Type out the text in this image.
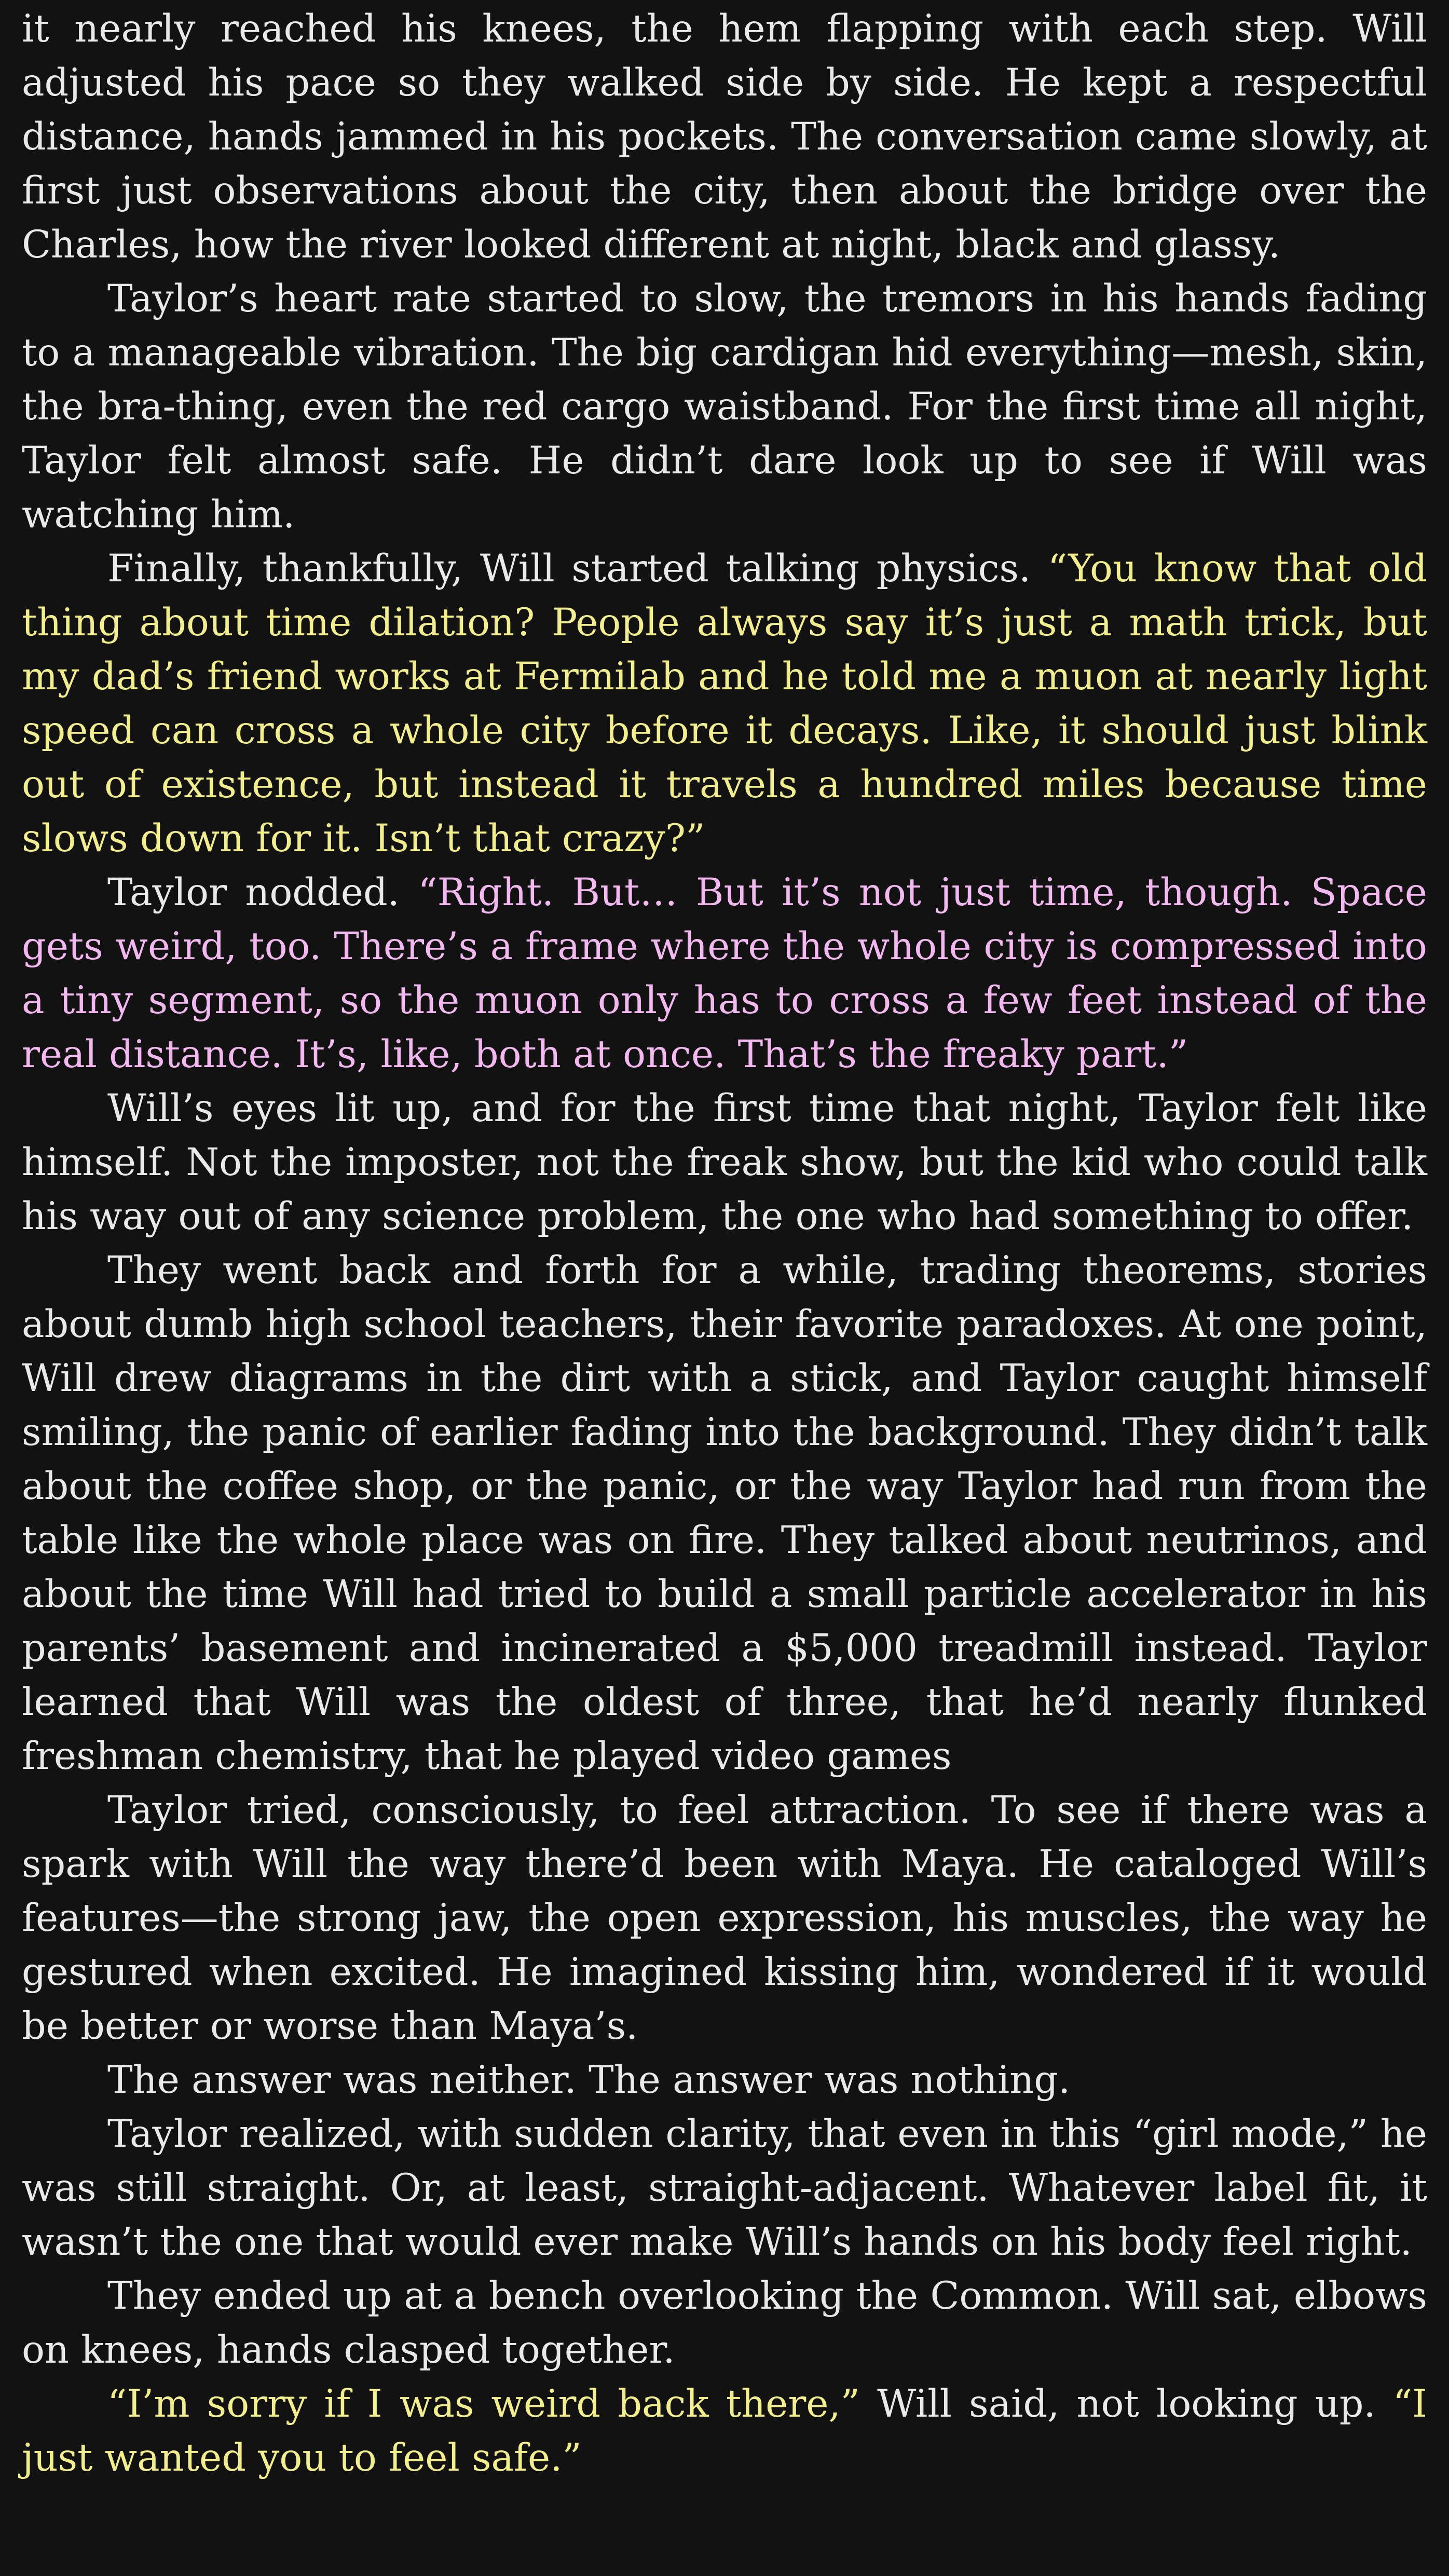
it nearly reached his knees, the hem flapping with each step. Will adjusted his pace so they walked side by side. He kept a respectful distance, hands jammed in his pockets. The conversation came slowly, at first just observations about the city, then about the bridge over the Charles, how the river looked different at night, black and glassy.

Taylor’s heart rate started to slow, the tremors in his hands fading to a manageable vibration. The big cardigan hid everything—mesh, skin, the bra-thing, even the red cargo waistband. For the first time all night, Taylor felt almost safe. He didn’t dare look up to see if Will was watching him.

Finally, thankfully, Will started talking physics. “You know that old thing about time dilation? People always say it’s just a math trick, but my dad’s friend works at Fermilab and he told me a muon at nearly light speed can cross a whole city before it decays. Like, it should just blink out of existence, but instead it travels a hundred miles because time slows down for it. Isn’t that crazy?”

Taylor nodded. “Right. But… But it’s not just time, though. Space gets weird, too. There’s a frame where the whole city is compressed into a tiny segment, so the muon only has to cross a few feet instead of the real distance. It’s, like, both at once. That’s the freaky part.”

Will’s eyes lit up, and for the first time that night, Taylor felt like himself. Not the imposter, not the freak show, but the kid who could talk his way out of any science problem, the one who had something to offer.

They went back and forth for a while, trading theorems, stories about dumb high school teachers, their favorite paradoxes. At one point, Will drew diagrams in the dirt with a stick, and Taylor caught himself smiling, the panic of earlier fading into the background. They didn’t talk about the coffee shop, or the panic, or the way Taylor had run from the table like the whole place was on fire. They talked about neutrinos, and about the time Will had tried to build a small particle accelerator in his parents’ basement and incinerated a $5,000 treadmill instead. Taylor learned that Will was the oldest of three, that he’d nearly flunked freshman chemistry, that he played video games

Taylor tried, consciously, to feel attraction. To see if there was a spark with Will the way there’d been with Maya. He cataloged Will’s features—the strong jaw, the open expression, his muscles, the way he gestured when excited. He imagined kissing him, wondered if it would be better or worse than Maya’s.

The answer was neither. The answer was nothing.

Taylor realized, with sudden clarity, that even in this “girl mode,” he was still straight. Or, at least, straight-adjacent. Whatever label fit, it wasn’t the one that would ever make Will’s hands on his body feel right.

They ended up at a bench overlooking the Common. Will sat, elbows on knees, hands clasped together.

“I’m sorry if I was weird back there,” Will said, not looking up. “I just wanted you to feel safe.”
